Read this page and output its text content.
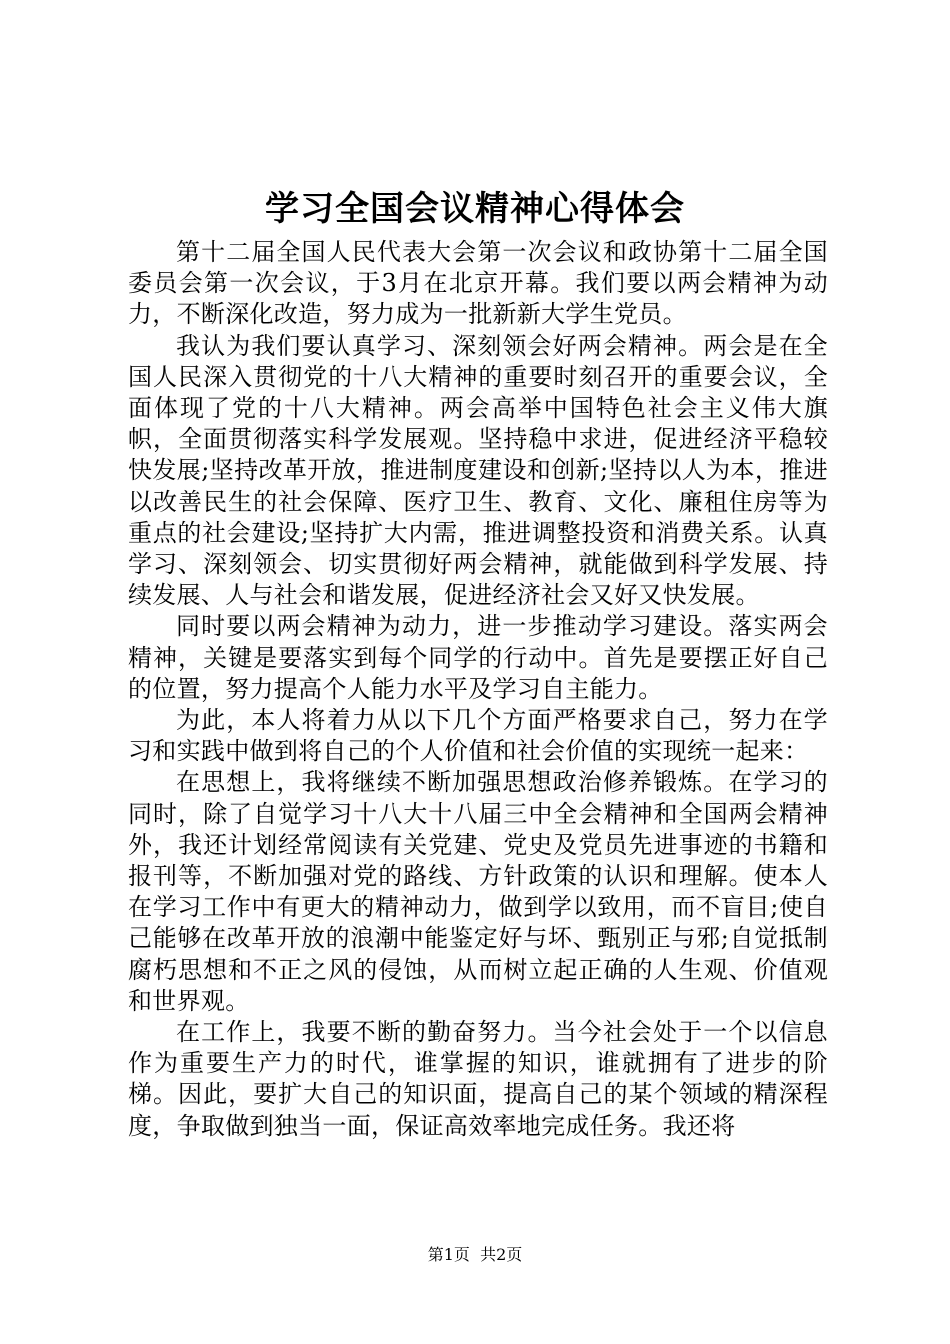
学习全国会议精神心得体会

第十二届全国人民代表大会第一次会议和政协第十二届全国委员会第一次会议，于3月在北京开幕。我们要以两会精神为动力，不断深化改造，努力成为一批新新大学生党员。

我认为我们要认真学习、深刻领会好两会精神。两会是在全国人民深入贯彻党的十八大精神的重要时刻召开的重要会议，全面体现了党的十八大精神。两会高举中国特色社会主义伟大旗帜，全面贯彻落实科学发展观。坚持稳中求进，促进经济平稳较快发展;坚持改革开放，推进制度建设和创新;坚持以人为本，推进以改善民生的社会保障、医疗卫生、教育、文化、廉租住房等为重点的社会建设;坚持扩大内需，推进调整投资和消费关系。认真学习、深刻领会、切实贯彻好两会精神，就能做到科学发展、持续发展、人与社会和谐发展，促进经济社会又好又快发展。

同时要以两会精神为动力，进一步推动学习建设。落实两会精神，关键是要落实到每个同学的行动中。首先是要摆正好自己的位置，努力提高个人能力水平及学习自主能力。

为此，本人将着力从以下几个方面严格要求自己，努力在学习和实践中做到将自己的个人价值和社会价值的实现统一起来：

在思想上，我将继续不断加强思想政治修养锻炼。在学习的同时，除了自觉学习十八大十八届三中全会精神和全国两会精神外，我还计划经常阅读有关党建、党史及党员先进事迹的书籍和报刊等，不断加强对党的路线、方针政策的认识和理解。使本人在学习工作中有更大的精神动力，做到学以致用，而不盲目;使自己能够在改革开放的浪潮中能鉴定好与坏、甄别正与邪;自觉抵制腐朽思想和不正之风的侵蚀，从而树立起正确的人生观、价值观和世界观。

在工作上，我要不断的勤奋努力。当今社会处于一个以信息作为重要生产力的时代，谁掌握的知识，谁就拥有了进步的阶梯。因此，要扩大自己的知识面，提高自己的某个领域的精深程度，争取做到独当一面，保证高效率地完成任务。我还将

第1页 共2页
